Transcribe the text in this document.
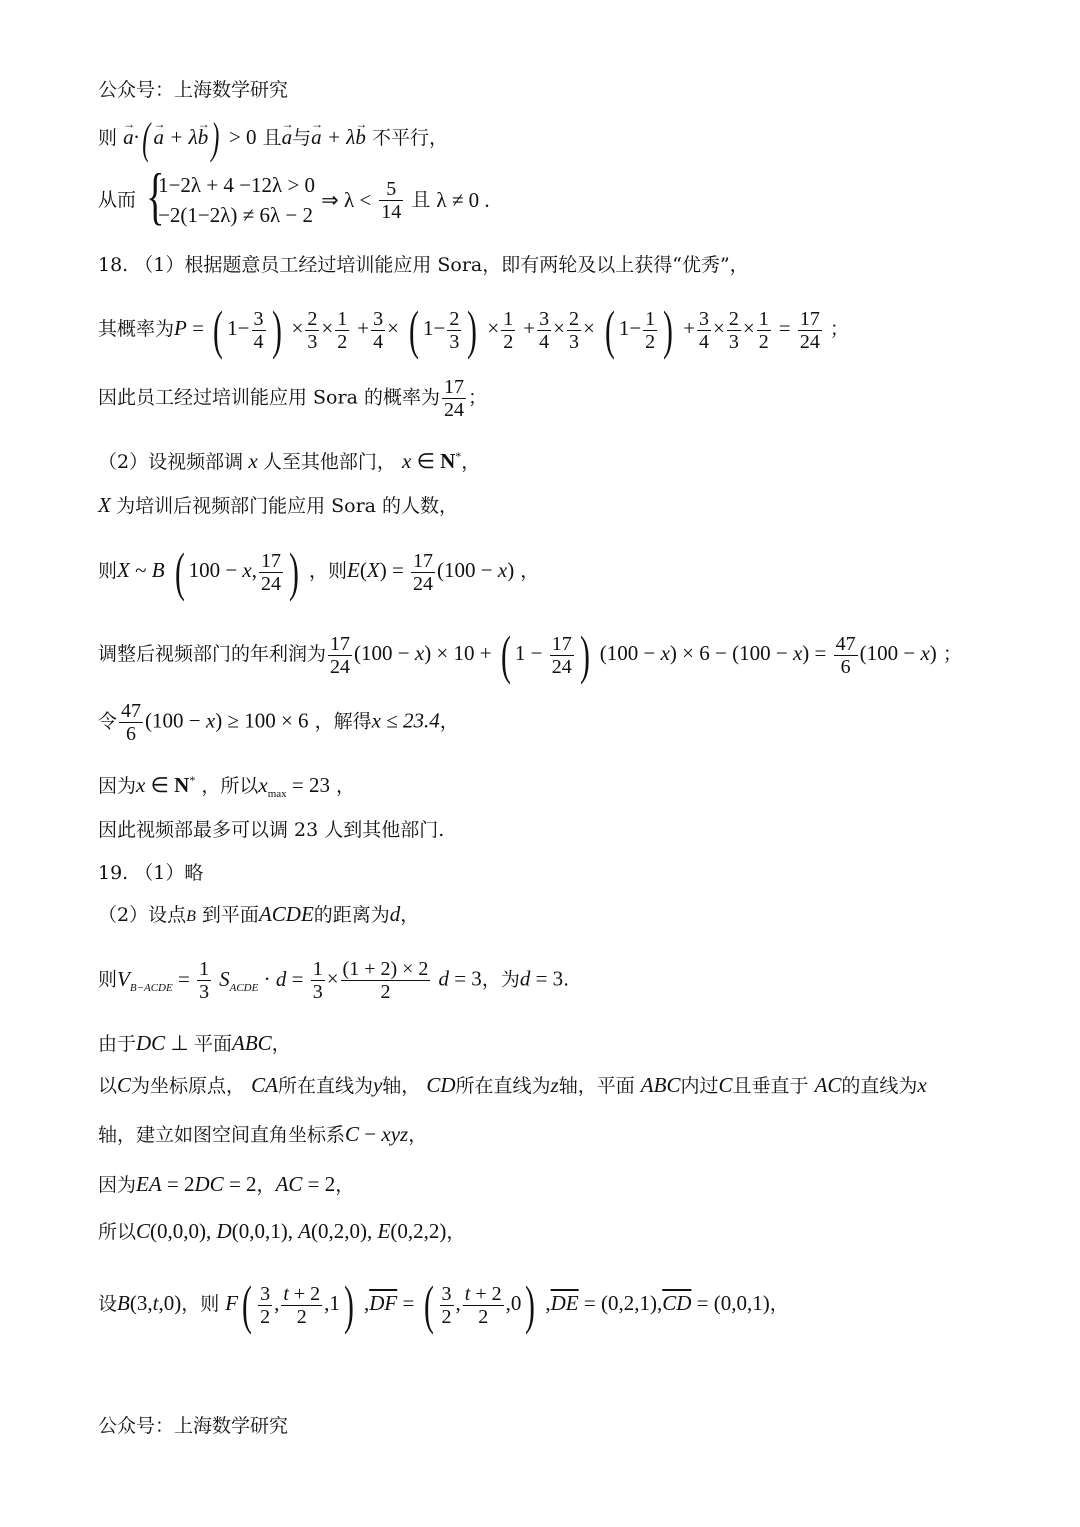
公众号：上海数学研究
则 → a·( → a + λ→ b) > 0 且→ a与→ a + λ→ b 不平行，
从而 {
1−2λ + 4 −12λ > 0
−2(1−2λ) ≠ 6λ − 2
⇒ $\lambda < \frac{5}{14}$ 且 λ ≠ 0 .
18. （1）根据题意员工经过培训能应用 Sora，即有两轮及以上获得“优秀”，
其概率为P = ( $1- \frac{3}{4}$ ) × $\frac{2}{3} \times \frac{1}{2} + \frac{3}{4}$ × ( $1- \frac{2}{3}$ ) × $\frac{1}{2} + \frac{3}{4} \times \frac{2}{3}$ × ( $1- \frac{1}{2}$ ) + $\frac{3}{4} \times \frac{2}{3} \times \frac{1}{2} = \frac{17}{24}$ ；
因此员工经过培训能应用 Sora 的概率为 $\frac{17}{24}$ ；
（2）设视频部调 x 人至其他部门， x ∈ N*，
X 为培训后视频部门能应用 Sora 的人数，
则X ~ B ( 100 − x, $\frac{17}{24}$ ) ，则$E(X) = \frac{17}{24} (100 - x)$ ，
调整后视频部门的年利润为 $\frac{17}{24} (100 - x) \times 10$ + ( $1 - \frac{17}{24}$ ) $(100 - x) \times 6 - (100 - x) = \frac{47}{6} (100 - x)$ ；
令 $\frac{47}{6} (100 - x) \ge 100 \times 6$ ，解得x ≤ 23.4，
因为x ∈ N* ，所以$x_{max} = 23$ ，
因此视频部最多可以调 23 人到其他部门.
19. （1）略
（2）设点B 到平面ACDE的距离为d，
则$V_{B-ACDE} = \frac{1}{3} S_{ACDE} \cdot d = \frac{1}{3} \times \frac{(1 + 2) \times 2}{2}$ d = 3，为d = 3.
由于DC ⊥ 平面ABC，
以C为坐标原点， CA所在直线为y轴， CD所在直线为z轴，平面 ABC内过C且垂直于 AC的直线为x
轴，建立如图空间直角坐标系C − xyz，
因为EA = 2DC = 2，AC = 2，
所以C(0,0,0), D(0,0,1), A(0,2,0), E(0,2,2)，
设B(3,t,0)，则 $F( \frac{3}{2}$ , $\frac{t + 2}{2} ,1$) $,\overline{DF}$ = ( $\frac{3}{2}$ , $\frac{t + 2}{2} ,0$) $,\overline{DE} = (0,2,1),\overline{CD} = (0,0,1)$，
公众号：上海数学研究
